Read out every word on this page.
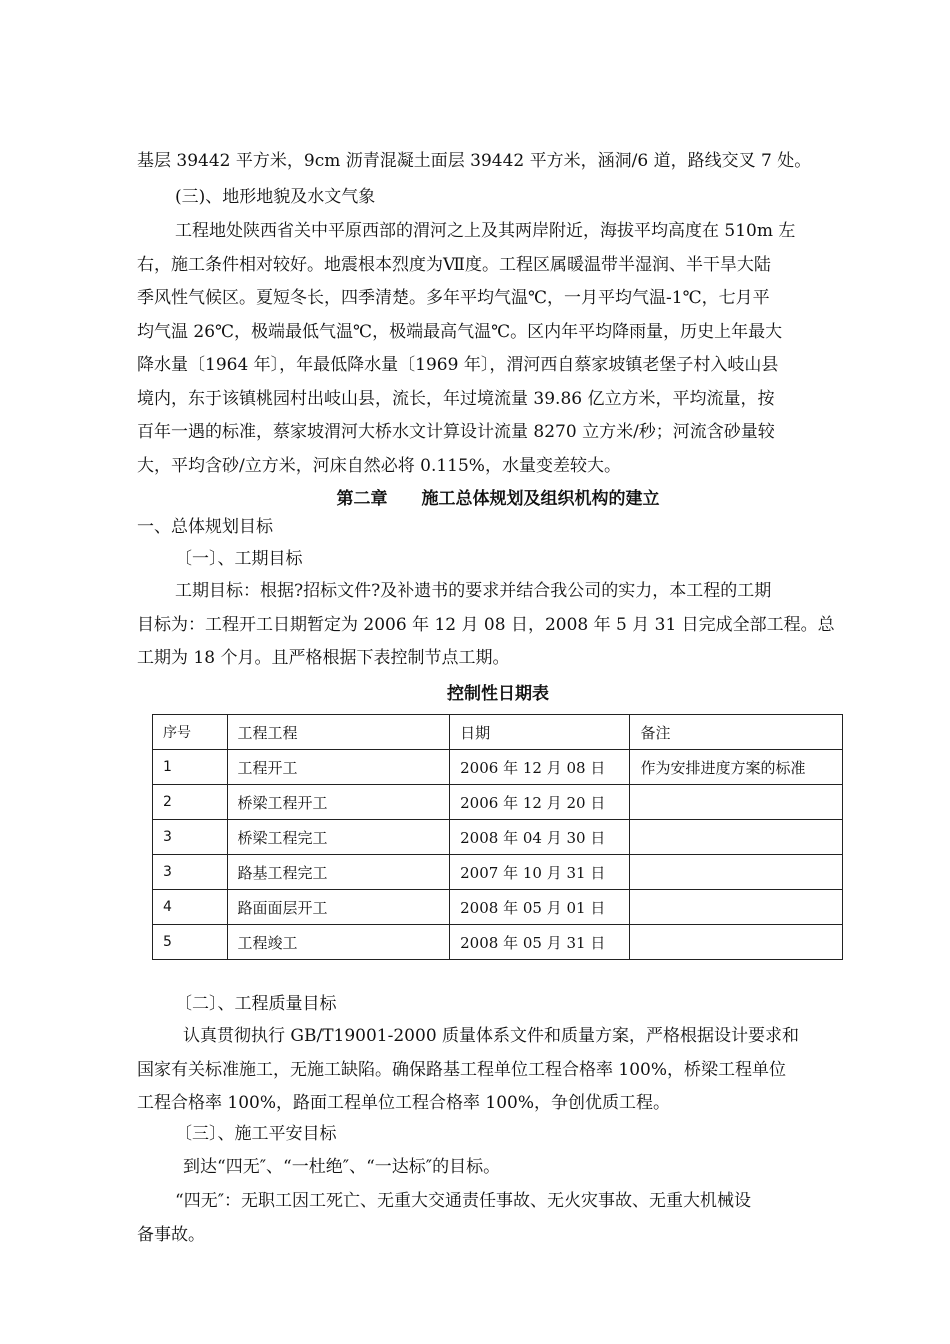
基层 39442 平方米，9cm 沥青混凝土面层 39442 平方米，涵洞/6 道，路线交叉 7 处。
(三)、地形地貌及水文气象
工程地处陕西省关中平原西部的渭河之上及其两岸附近，海拔平均高度在 510m 左
右，施工条件相对较好。地震根本烈度为Ⅶ度。工程区属暖温带半湿润、半干旱大陆
季风性气候区。夏短冬长，四季清楚。多年平均气温℃，一月平均气温-1℃，七月平
均气温 26℃，极端最低气温℃，极端最高气温℃。区内年平均降雨量，历史上年最大
降水量〔1964 年〕，年最低降水量〔1969 年〕，渭河西自蔡家坡镇老堡子村入岐山县
境内，东于该镇桃园村出岐山县，流长，年过境流量 39.86 亿立方米，平均流量，按
百年一遇的标准，蔡家坡渭河大桥水文计算设计流量 8270 立方米/秒；河流含砂量较
大，平均含砂/立方米，河床自然必将 0.115%，水量变差较大。
第二章　　施工总体规划及组织机构的建立
一、总体规划目标
〔一〕、工期目标
工期目标：根据?招标文件?及补遗书的要求并结合我公司的实力，本工程的工期
目标为：工程开工日期暂定为 2006 年 12 月 08 日，2008 年 5 月 31 日完成全部工程。总
工期为 18 个月。且严格根据下表控制节点工期。
控制性日期表
序号	工程工程	日期	备注
1	工程开工	2006 年 12 月 08 日	作为安排进度方案的标准
2	桥梁工程开工	2006 年 12 月 20 日	
3	桥梁工程完工	2008 年 04 月 30 日	
3	路基工程完工	2007 年 10 月 31 日	
4	路面面层开工	2008 年 05 月 01 日	
5	工程竣工	2008 年 05 月 31 日	
〔二〕、工程质量目标
认真贯彻执行 GB/T19001-2000 质量体系文件和质量方案，严格根据设计要求和
国家有关标准施工，无施工缺陷。确保路基工程单位工程合格率 100%，桥梁工程单位
工程合格率 100%，路面工程单位工程合格率 100%，争创优质工程。
〔三〕、施工平安目标
到达“四无″、“一杜绝″、“一达标″的目标。
“四无″：无职工因工死亡、无重大交通责任事故、无火灾事故、无重大机械设
备事故。
